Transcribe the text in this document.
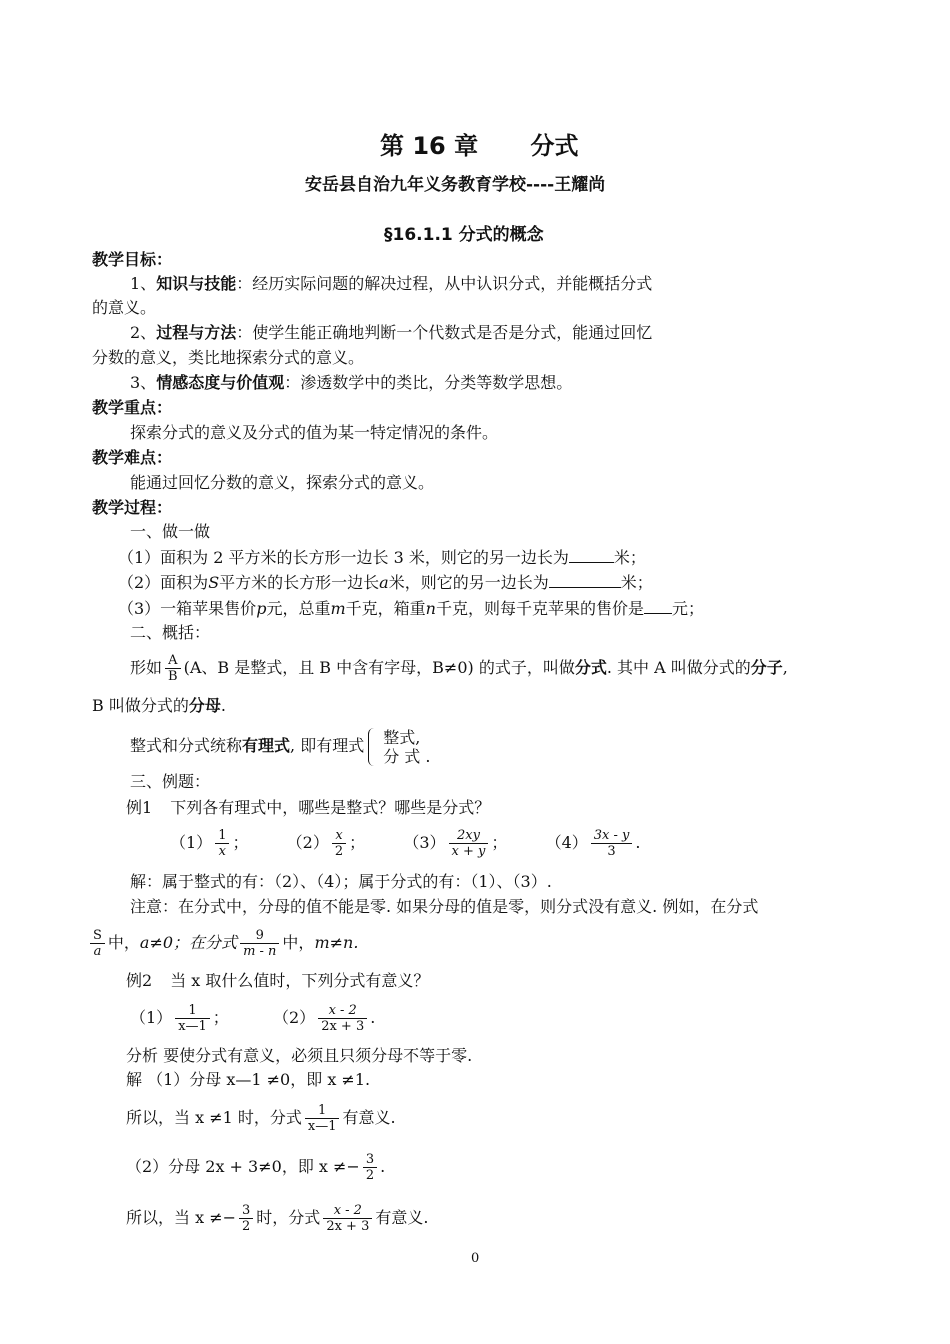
第 16 章 分式
安岳县自治九年义务教育学校----王耀尚
§16.1.1 分式的概念
教学目标：
1、知识与技能：经历实际问题的解决过程，从中认识分式，并能概括分式
的意义。
2、过程与方法：使学生能正确地判断一个代数式是否是分式，能通过回忆
分数的意义，类比地探索分式的意义。
3、情感态度与价值观：渗透数学中的类比，分类等数学思想。
教学重点：
探索分式的意义及分式的值为某一特定情况的条件。
教学难点：
能通过回忆分数的意义，探索分式的意义。
教学过程：
一、做一做
（1）面积为 2 平方米的长方形一边长 3 米，则它的另一边长为	米；
（2）面积为S平方米的长方形一边长a米，则它的另一边长为	米；
（3）一箱苹果售价p元，总重m千克，箱重n千克，则每千克苹果的售价是 元；
二、概括：
形如 $\frac{A}{B} (A$、B 是整式，且 B 中含有字母，B≠0) 的式子，叫做分式. 其中 A 叫做分式的分子,
B 叫做分式的分母.
整式和分式统称有理式, 即有理式 整式,
分 式 .
三、例题：
例1 下列各有理式中，哪些是整式？哪些是分式？
$(1) \frac{1}{x}$ ； $(2) \frac{x}{2}$ ； $(3) \frac{2xy}{x + y}$ ； $(4) \frac{3x - y}{3}$ .
解：属于整式的有：（2）、（4）；属于分式的有：（1）、（3）.
注意：在分式中，分母的值不能是零. 如果分母的值是零，则分式没有意义. 例如，在分式
$\frac{S}{a}$ 中，a≠0；在分式 $\frac{9}{m - n}$ 中，m≠n.
例2 当 x 取什么值时，下列分式有意义？
$(1) \frac{1}{x—1}$ ；	$(2) \frac{x - 2}{2x + 3}$ .
分析 要使分式有意义，必须且只须分母不等于零.
解 （1）分母 x—1 ≠0，即 x ≠1.
所以，当 x ≠1 时，分式 $\frac{1}{x—1}$ 有意义.
（2）分母 2x + 3≠0，即 $x \ne- \frac{3}{2}$ .
所以，当 $x \ne- \frac{3}{2}$ 时，分式 $\frac{x - 2}{2x + 3}$ 有意义.
0
